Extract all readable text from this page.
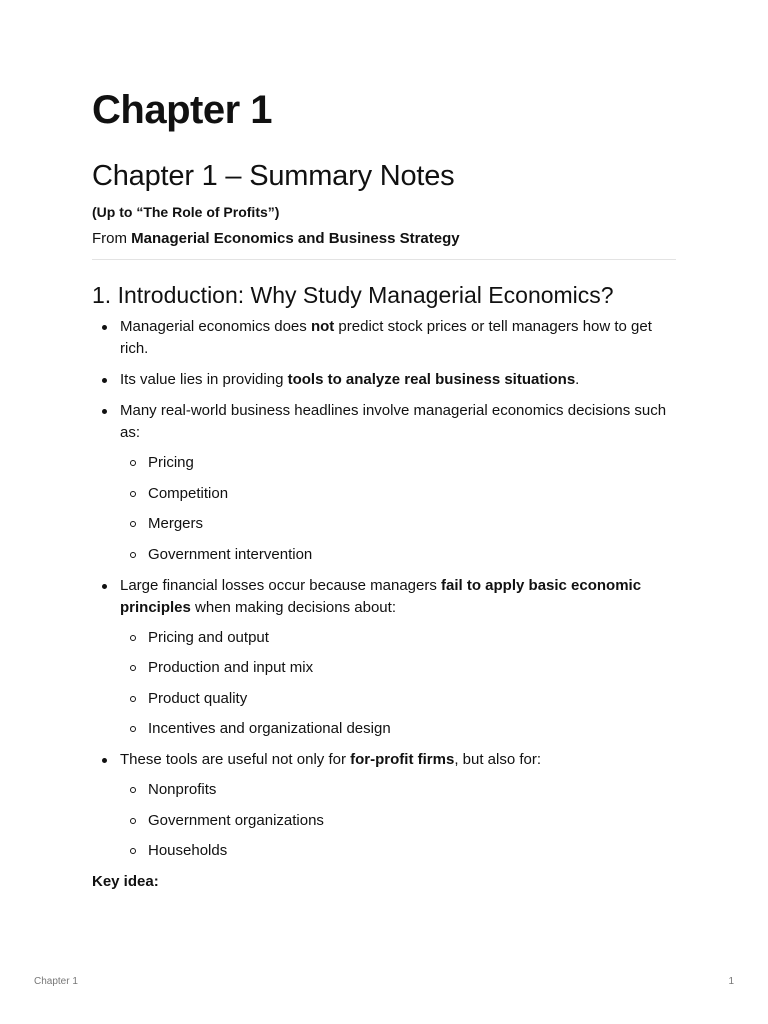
Chapter 1
Chapter 1 – Summary Notes

(Up to “The Role of Profits”)

From Managerial Economics and Business Strategy

1. Introduction: Why Study Managerial Economics?
Managerial economics does not predict stock prices or tell managers how to get rich.
Its value lies in providing tools to analyze real business situations.
Many real-world business headlines involve managerial economics decisions such as:
Pricing
Competition
Mergers
Government intervention
Large financial losses occur because managers fail to apply basic economic principles when making decisions about:
Pricing and output
Production and input mix
Product quality
Incentives and organizational design
These tools are useful not only for for-profit firms, but also for:
Nonprofits
Government organizations
Households

Key idea:

Chapter 1	1
